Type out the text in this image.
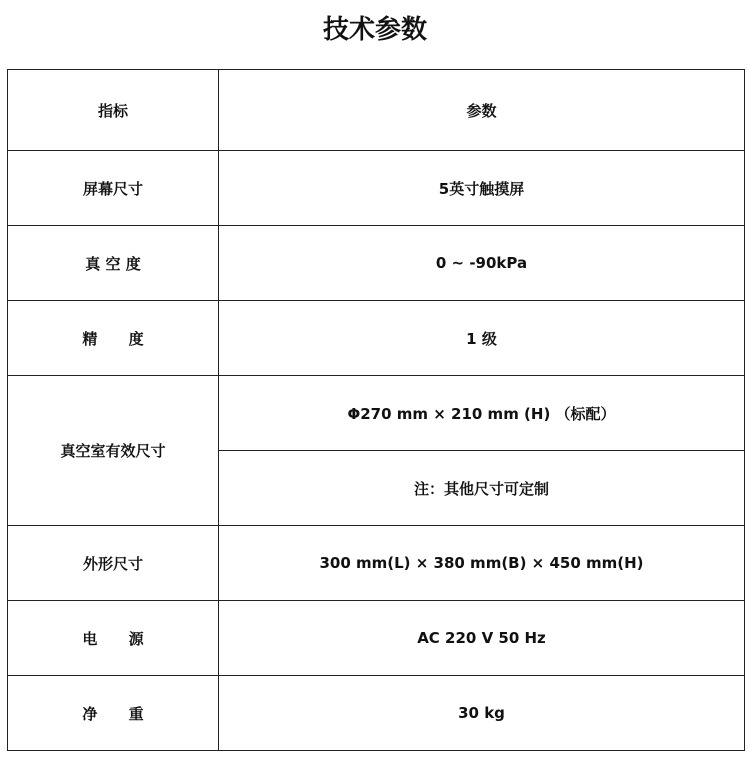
技术参数
指标	参数
屏幕尺寸	5英寸触摸屏
真 空 度	0 ~ -90kPa
精      度	1 级
真空室有效尺寸	Φ270 mm × 210 mm (H) （标配）
	注：其他尺寸可定制
外形尺寸	300 mm(L) × 380 mm(B) × 450 mm(H)
电      源	AC 220 V 50 Hz
净      重	30 kg
